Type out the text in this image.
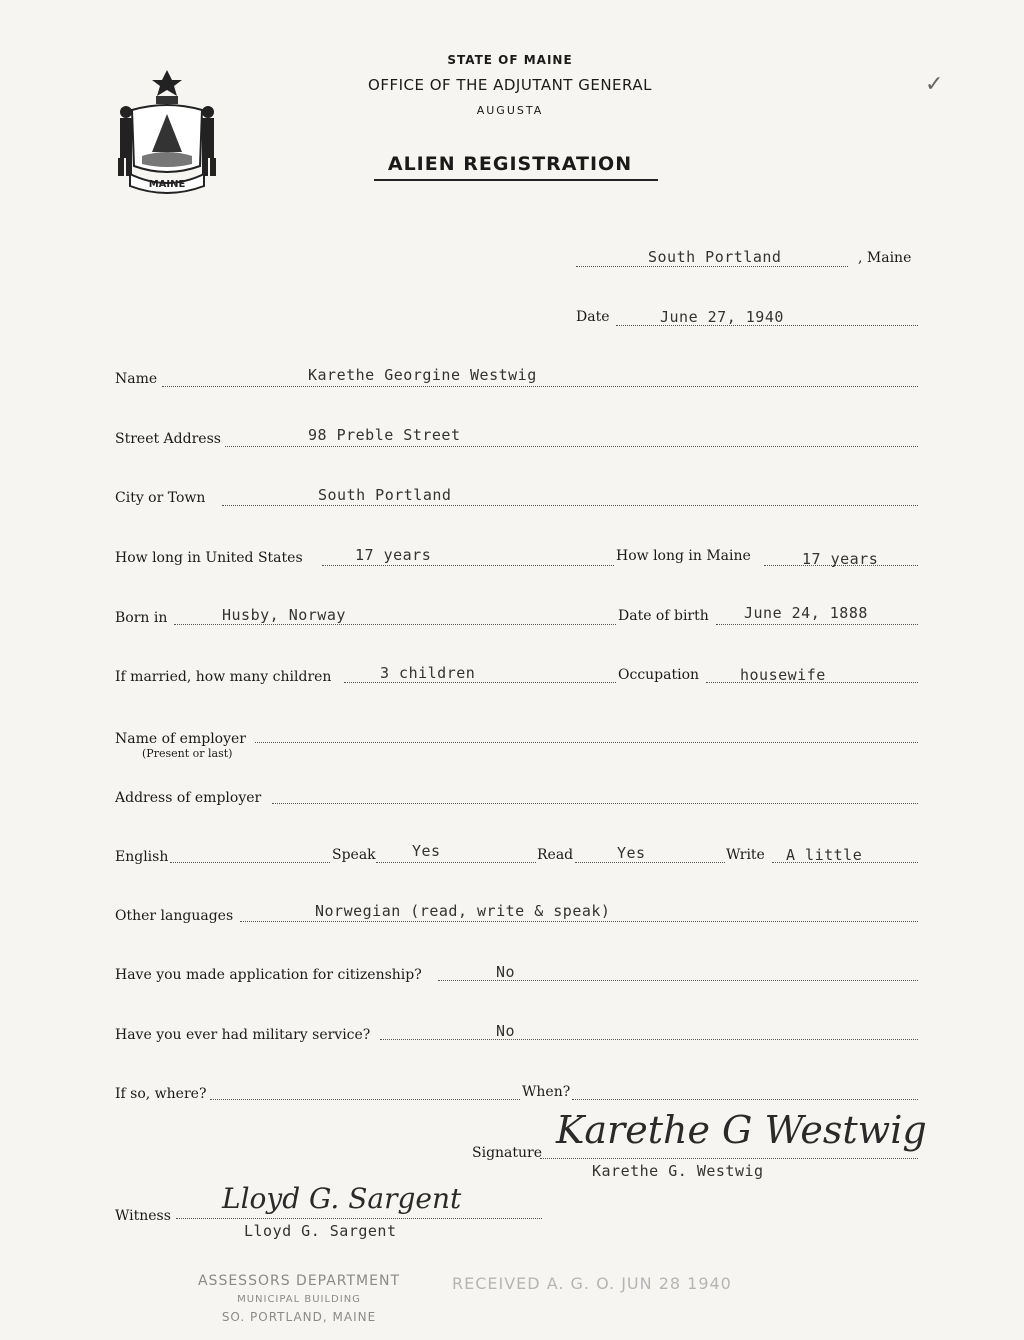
MAINE
STATE OF MAINE
OFFICE OF THE ADJUTANT GENERAL
AUGUSTA
ALIEN REGISTRATION
✓
South Portland	, Maine
Date	June 27, 1940
Name	Karethe Georgine Westwig
Street Address	98 Preble Street
City or Town	South Portland
How long in United States	17 years	How long in Maine	17 years
Born in	Husby, Norway	Date of birth June 24, 1888
If married, how many children	3 children	Occupation	housewife
Name of employer
(Present or last)
Address of employer
English	Speak Yes	Read	Yes	Write A little
Other languages	Norwegian (read, write & speak)
Have you made application for citizenship?	No
Have you ever had military service?	No
If so, where?	When?
Signature
Karethe G Westwig
Karethe G. Westwig
Witness
Lloyd G. Sargent
Lloyd G. Sargent
ASSESSORS DEPARTMENT
MUNICIPAL BUILDING
SO. PORTLAND, MAINE
RECEIVED A. G. O. JUN 28 1940
